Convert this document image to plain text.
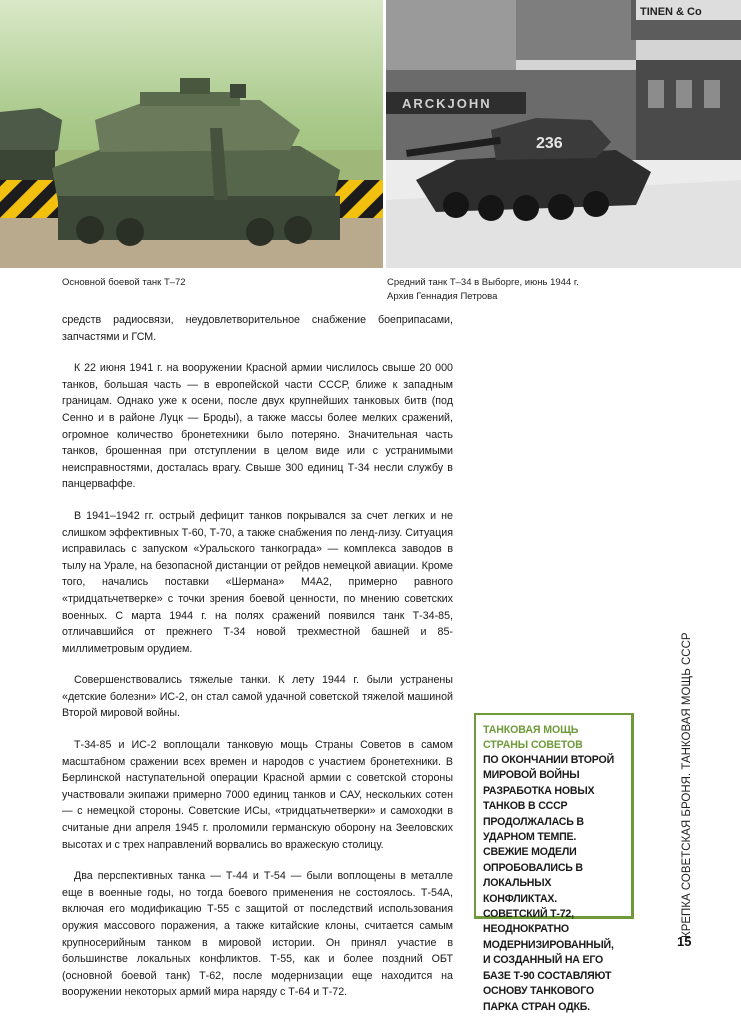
ARCKJOHN
TINEN & Co
236
Основной боевой танк Т–72	Средний танк Т–34 в Выборге, июнь 1944 г.
Архив Геннадия Петрова

средств радиосвязи, неудовлетворительное снабжение боеприпасами, запчастями и ГСМ.

К 22 июня 1941 г. на вооружении Красной армии числилось свыше 20 000 танков, большая часть — в европейской части СССР, ближе к западным границам. Однако уже к осени, после двух крупнейших танковых битв (под Сенно и в районе Луцк — Броды), а также массы более мелких сражений, огромное количество бронетехники было потеряно. Значительная часть танков, брошенная при отступлении в целом виде или с устранимыми неисправностями, досталась врагу. Свыше 300 единиц Т-34 несли службу в панцерваффе.

В 1941–1942 гг. острый дефицит танков покрывался за счет легких и не слишком эффективных Т-60, Т-70, а также снабжения по ленд-лизу. Ситуация исправилась с запуском «Уральского танкограда» — комплекса заводов в тылу на Урале, на безопасной дистанции от рейдов немецкой авиации. Кроме того, начались поставки «Шермана» М4А2, примерно равного «тридцатьчетверке» с точки зрения боевой ценности, по мнению советских военных. С марта 1944 г. на полях сражений появился танк Т-34-85, отличавшийся от прежнего Т-34 новой трехместной башней и 85-миллиметровым орудием.

Совершенствовались тяжелые танки. К лету 1944 г. были устранены «детские болезни» ИС-2, он стал самой удачной советской тяжелой машиной Второй мировой войны.

Т-34-85 и ИС-2 воплощали танковую мощь Страны Советов в самом масштабном сражении всех времен и народов с участием бронетехники. В Берлинской наступательной операции Красной армии с советской стороны участвовали экипажи примерно 7000 единиц танков и САУ, нескольких сотен — с немецкой стороны. Советские ИСы, «тридцатьчетверки» и самоходки в считаные дни апреля 1945 г. проломили германскую оборону на Зееловских высотах и с трех направлений ворвались во вражескую столицу.

Два перспективных танка — Т-44 и Т-54 — были воплощены в металле еще в военные годы, но тогда боевого применения не состоялось. Т-54А, включая его модификацию Т-55 с защитой от последствий использования оружия массового поражения, а также китайские клоны, считается самым крупносерийным танком в мировой истории. Он принял участие в большинстве локальных конфликтов. Т-55, как и более поздний ОБТ (основной боевой танк) Т-62, после модернизации еще находится на вооружении некоторых армий мира наряду с Т-64 и Т-72.

ТАНКОВАЯ МОЩЬ
СТРАНЫ СОВЕТОВ
ПО ОКОНЧАНИИ ВТОРОЙ МИРОВОЙ ВОЙНЫ РАЗРАБОТКА НОВЫХ ТАНКОВ В СССР ПРОДОЛЖАЛАСЬ В УДАРНОМ ТЕМПЕ. СВЕЖИЕ МОДЕЛИ ОПРОБОВАЛИСЬ В ЛОКАЛЬНЫХ КОНФЛИКТАХ. СОВЕТСКИЙ Т-72, НЕОДНОКРАТНО МОДЕРНИЗИРОВАННЫЙ, И СОЗДАННЫЙ НА ЕГО БАЗЕ Т-90 СОСТАВЛЯЮТ ОСНОВУ ТАНКОВОГО ПАРКА СТРАН ОДКБ.
КРЕПКА СОВЕТСКАЯ БРОНЯ. ТАНКОВАЯ МОЩЬ СССР
15
